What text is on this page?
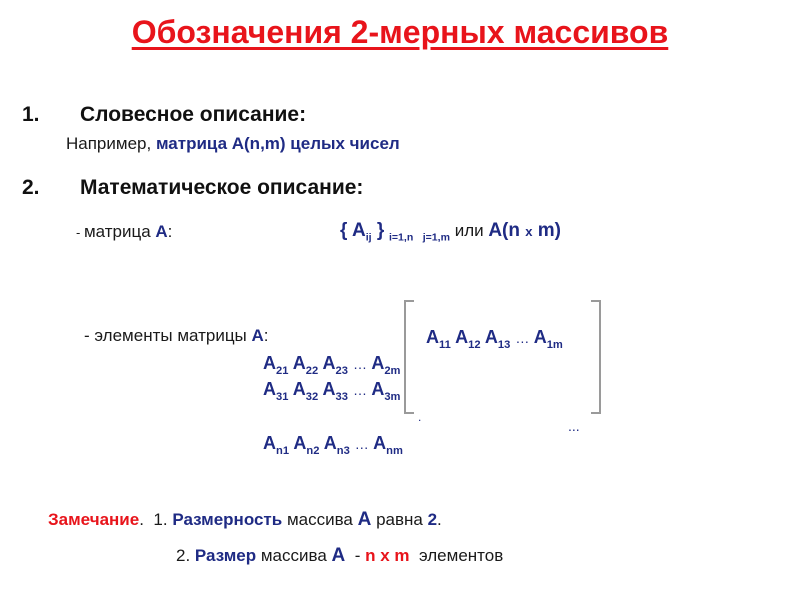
Обозначения 2-мерных массивов
1. Словесное описание:
Например, матрица A(n,m) целых чисел
2. Математическое описание:
- матрица A:	{ $A_{ij}$ } $_{i=1,n}$ $_{j=1,m}$ или A(n x m)
- элементы матрицы A:	$A_{11}$ $A_{12}$ $A_{13}$ … $A_{1m}$
$A_{21}$ $A_{22}$ $A_{23}$ … $A_{2m}$
$A_{31}$ $A_{32}$ $A_{33}$ … $A_{3m}$
.
...
$A_{n1}$ $A_{n2}$ $A_{n3}$ … $A_{nm}$
Замечание. 1. Размерность массива A равна 2.
2. Размер массива A  - n x m  элементов
